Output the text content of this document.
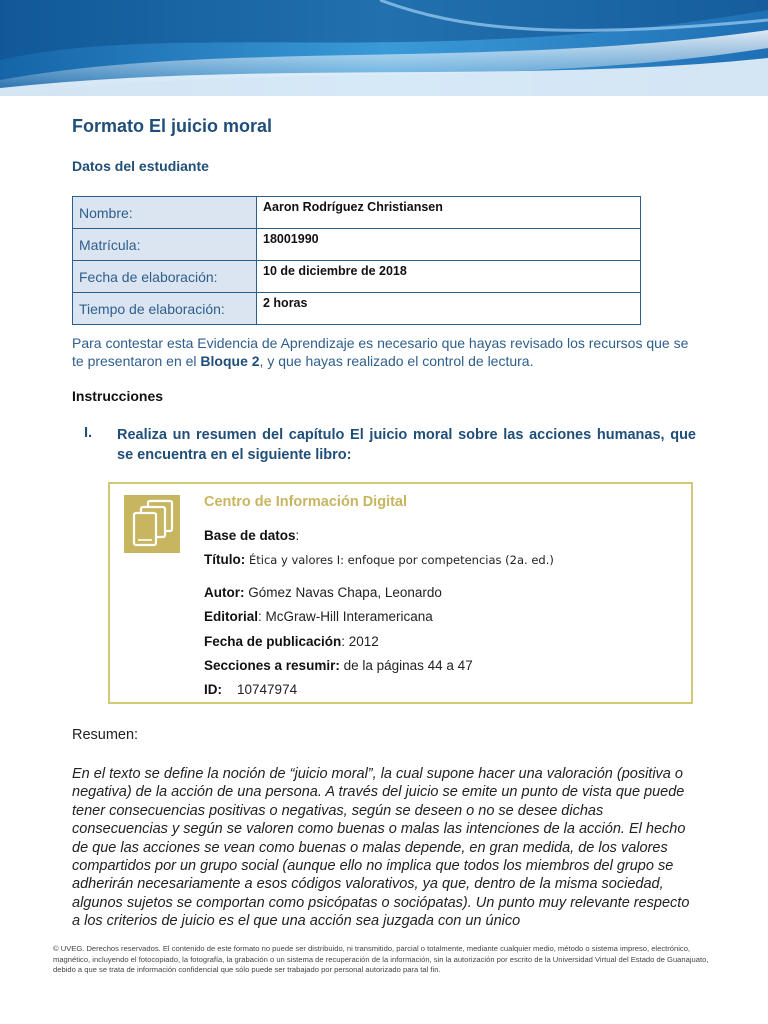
Formato El juicio moral
Datos del estudiante
Nombre:	Aaron Rodríguez Christiansen
Matrícula:	18001990
Fecha de elaboración:	10 de diciembre de 2018
Tiempo de elaboración:	2 horas
Para contestar esta Evidencia de Aprendizaje es necesario que hayas revisado los recursos que se te presentaron en el Bloque 2, y que hayas realizado el control de lectura.
Instrucciones
I. Realiza un resumen del capítulo El juicio moral sobre las acciones humanas, que se encuentra en el siguiente libro:
Centro de Información Digital
Base de datos:
Título: Ética y valores I: enfoque por competencias (2a. ed.)
Autor: Gómez Navas Chapa, Leonardo
Editorial: McGraw-Hill Interamericana
Fecha de publicación: 2012
Secciones a resumir: de la páginas 44 a 47
ID: 10747974
Resumen:
En el texto se define la noción de “juicio moral”, la cual supone hacer una valoración (positiva o negativa) de la acción de una persona. A través del juicio se emite un punto de vista que puede tener consecuencias positivas o negativas, según se deseen o no se desee dichas consecuencias y según se valoren como buenas o malas las intenciones de la acción. El hecho de que las acciones se vean como buenas o malas depende, en gran medida, de los valores compartidos por un grupo social (aunque ello no implica que todos los miembros del grupo se adherirán necesariamente a esos códigos valorativos, ya que, dentro de la misma sociedad, algunos sujetos se comportan como psicópatas o sociópatas). Un punto muy relevante respecto a los criterios de juicio es el que una acción sea juzgada con un único
© UVEG. Derechos reservados. El contenido de este formato no puede ser distribuido, ni transmitido, parcial o totalmente, mediante cualquier medio, método o sistema impreso, electrónico, magnético, incluyendo el fotocopiado, la fotografía, la grabación o un sistema de recuperación de la información, sin la autorización por escrito de la Universidad Virtual del Estado de Guanajuato, debido a que se trata de información confidencial que sólo puede ser trabajado por personal autorizado para tal fin.
